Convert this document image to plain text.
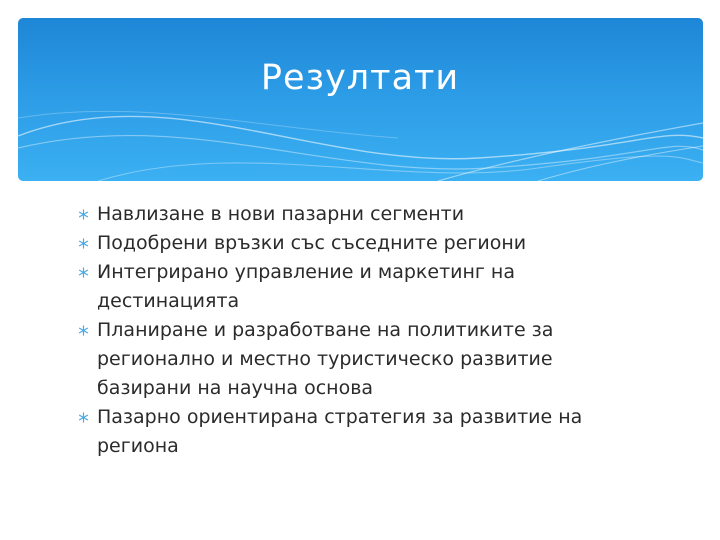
Резултати
Навлизане в нови пазарни сегменти
Подобрени връзки със съседните региони
Интегрирано управление и маркетинг на дестинацията
Планиране и разработване на политиките за регионално и местно туристическо развитие базирани на научна основа
Пазарно ориентирана стратегия за развитие на региона
